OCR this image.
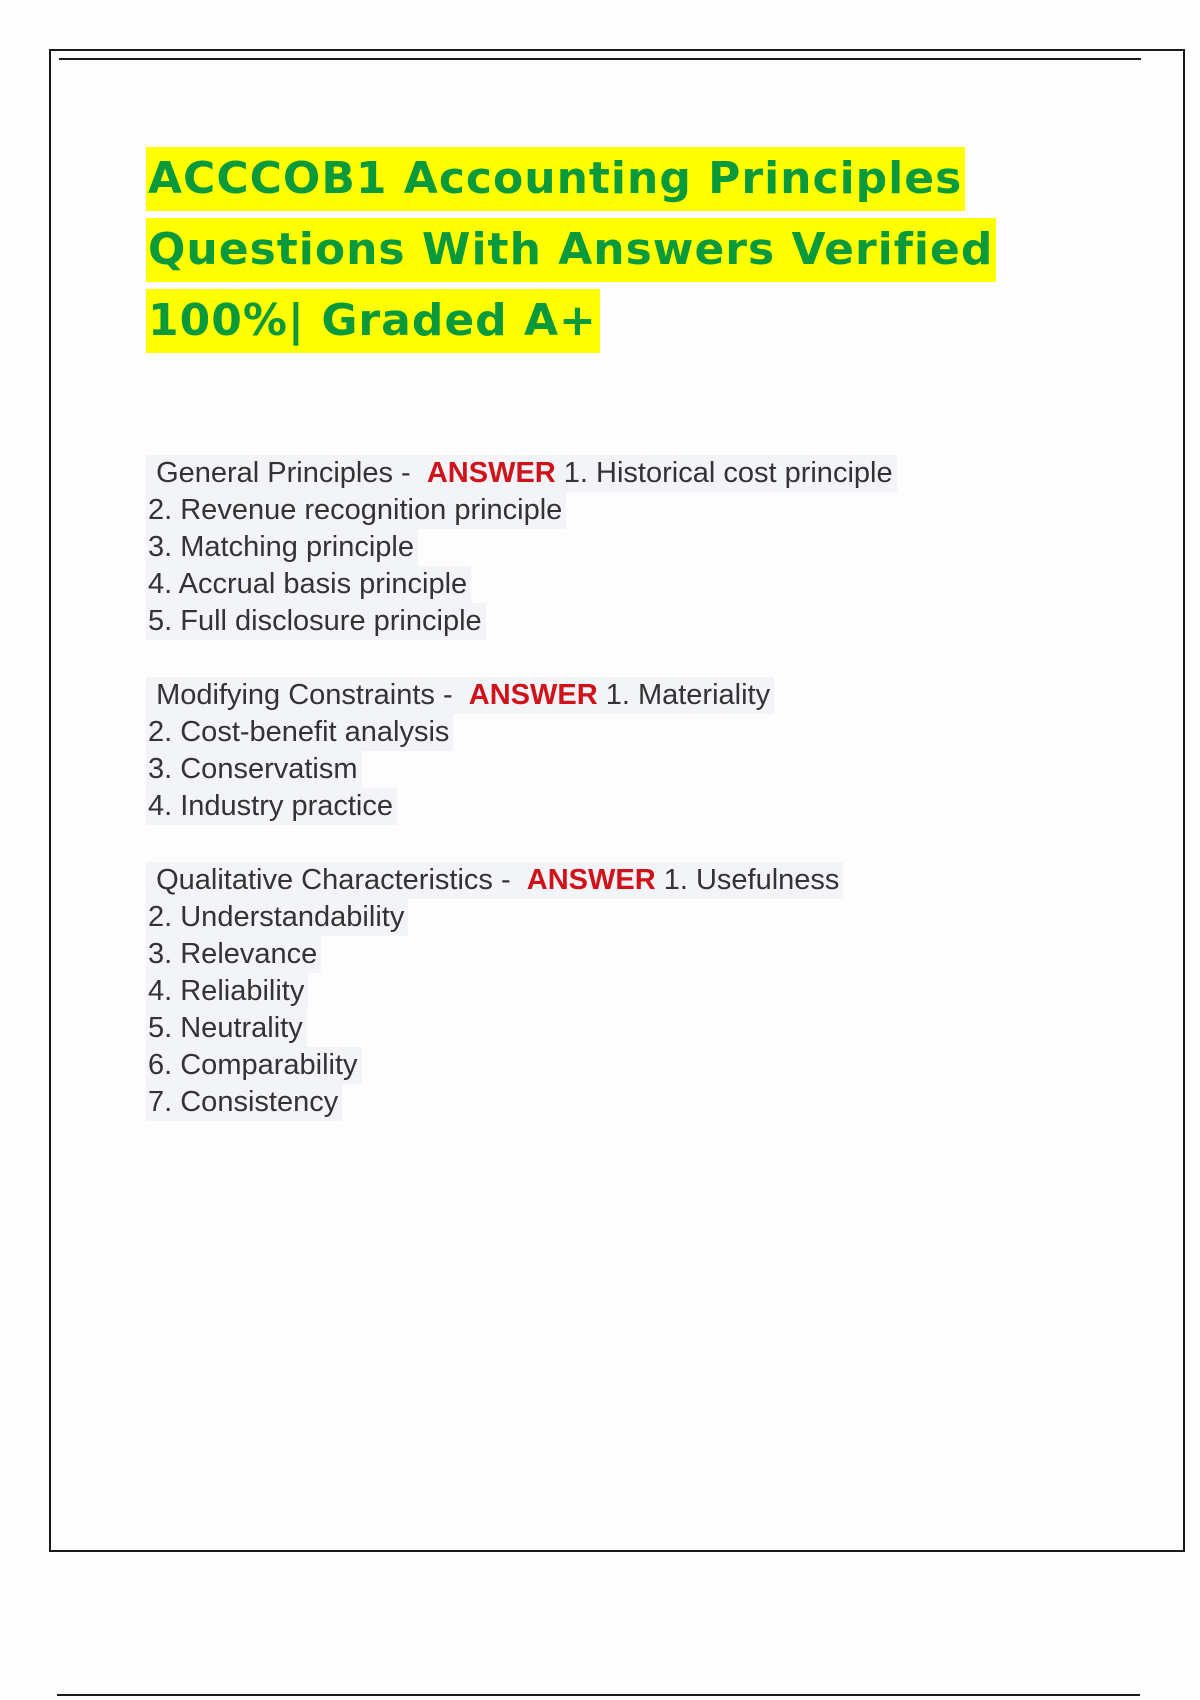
ACCCOB1 Accounting Principles
Questions With Answers Verified
100%| Graded A+
General Principles - ANSWER 1. Historical cost principle
2. Revenue recognition principle
3. Matching principle
4. Accrual basis principle
5. Full disclosure principle
Modifying Constraints - ANSWER 1. Materiality
2. Cost-benefit analysis
3. Conservatism
4. Industry practice
Qualitative Characteristics - ANSWER 1. Usefulness
2. Understandability
3. Relevance
4. Reliability
5. Neutrality
6. Comparability
7. Consistency
